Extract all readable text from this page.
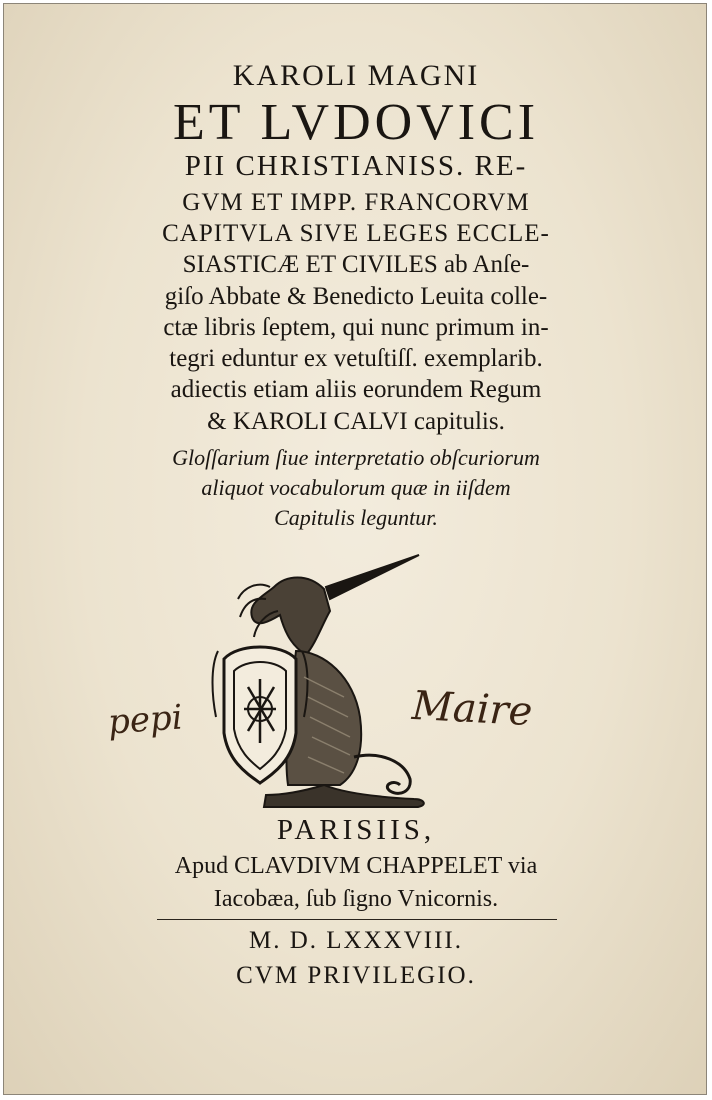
KAROLI MAGNI
ET LVDOVICI
PII CHRISTIANISS. RE-
GVM ET IMPP. FRANCORVM
CAPITVLA SIVE LEGES ECCLE-
SIASTICÆ ET CIVILES ab Anſe-
giſo Abbate & Benedicto Leuita colle-
ctæ libris ſeptem, qui nunc primum in-
tegri eduntur ex vetuſtiſſ. exemplarib.
adiectis etiam aliis eorundem Regum
& KAROLI CALVI capitulis.
Gloſſarium ſiue interpretatio obſcuriorum
aliquot vocabulorum quæ in iiſdem
Capitulis leguntur.
pepi	Maire
PARISIIS,
Apud CLAVDIVM CHAPPELET via
Iacobæa, ſub ſigno Vnicornis.
M. D. LXXXVIII.
CVM PRIVILEGIO.
